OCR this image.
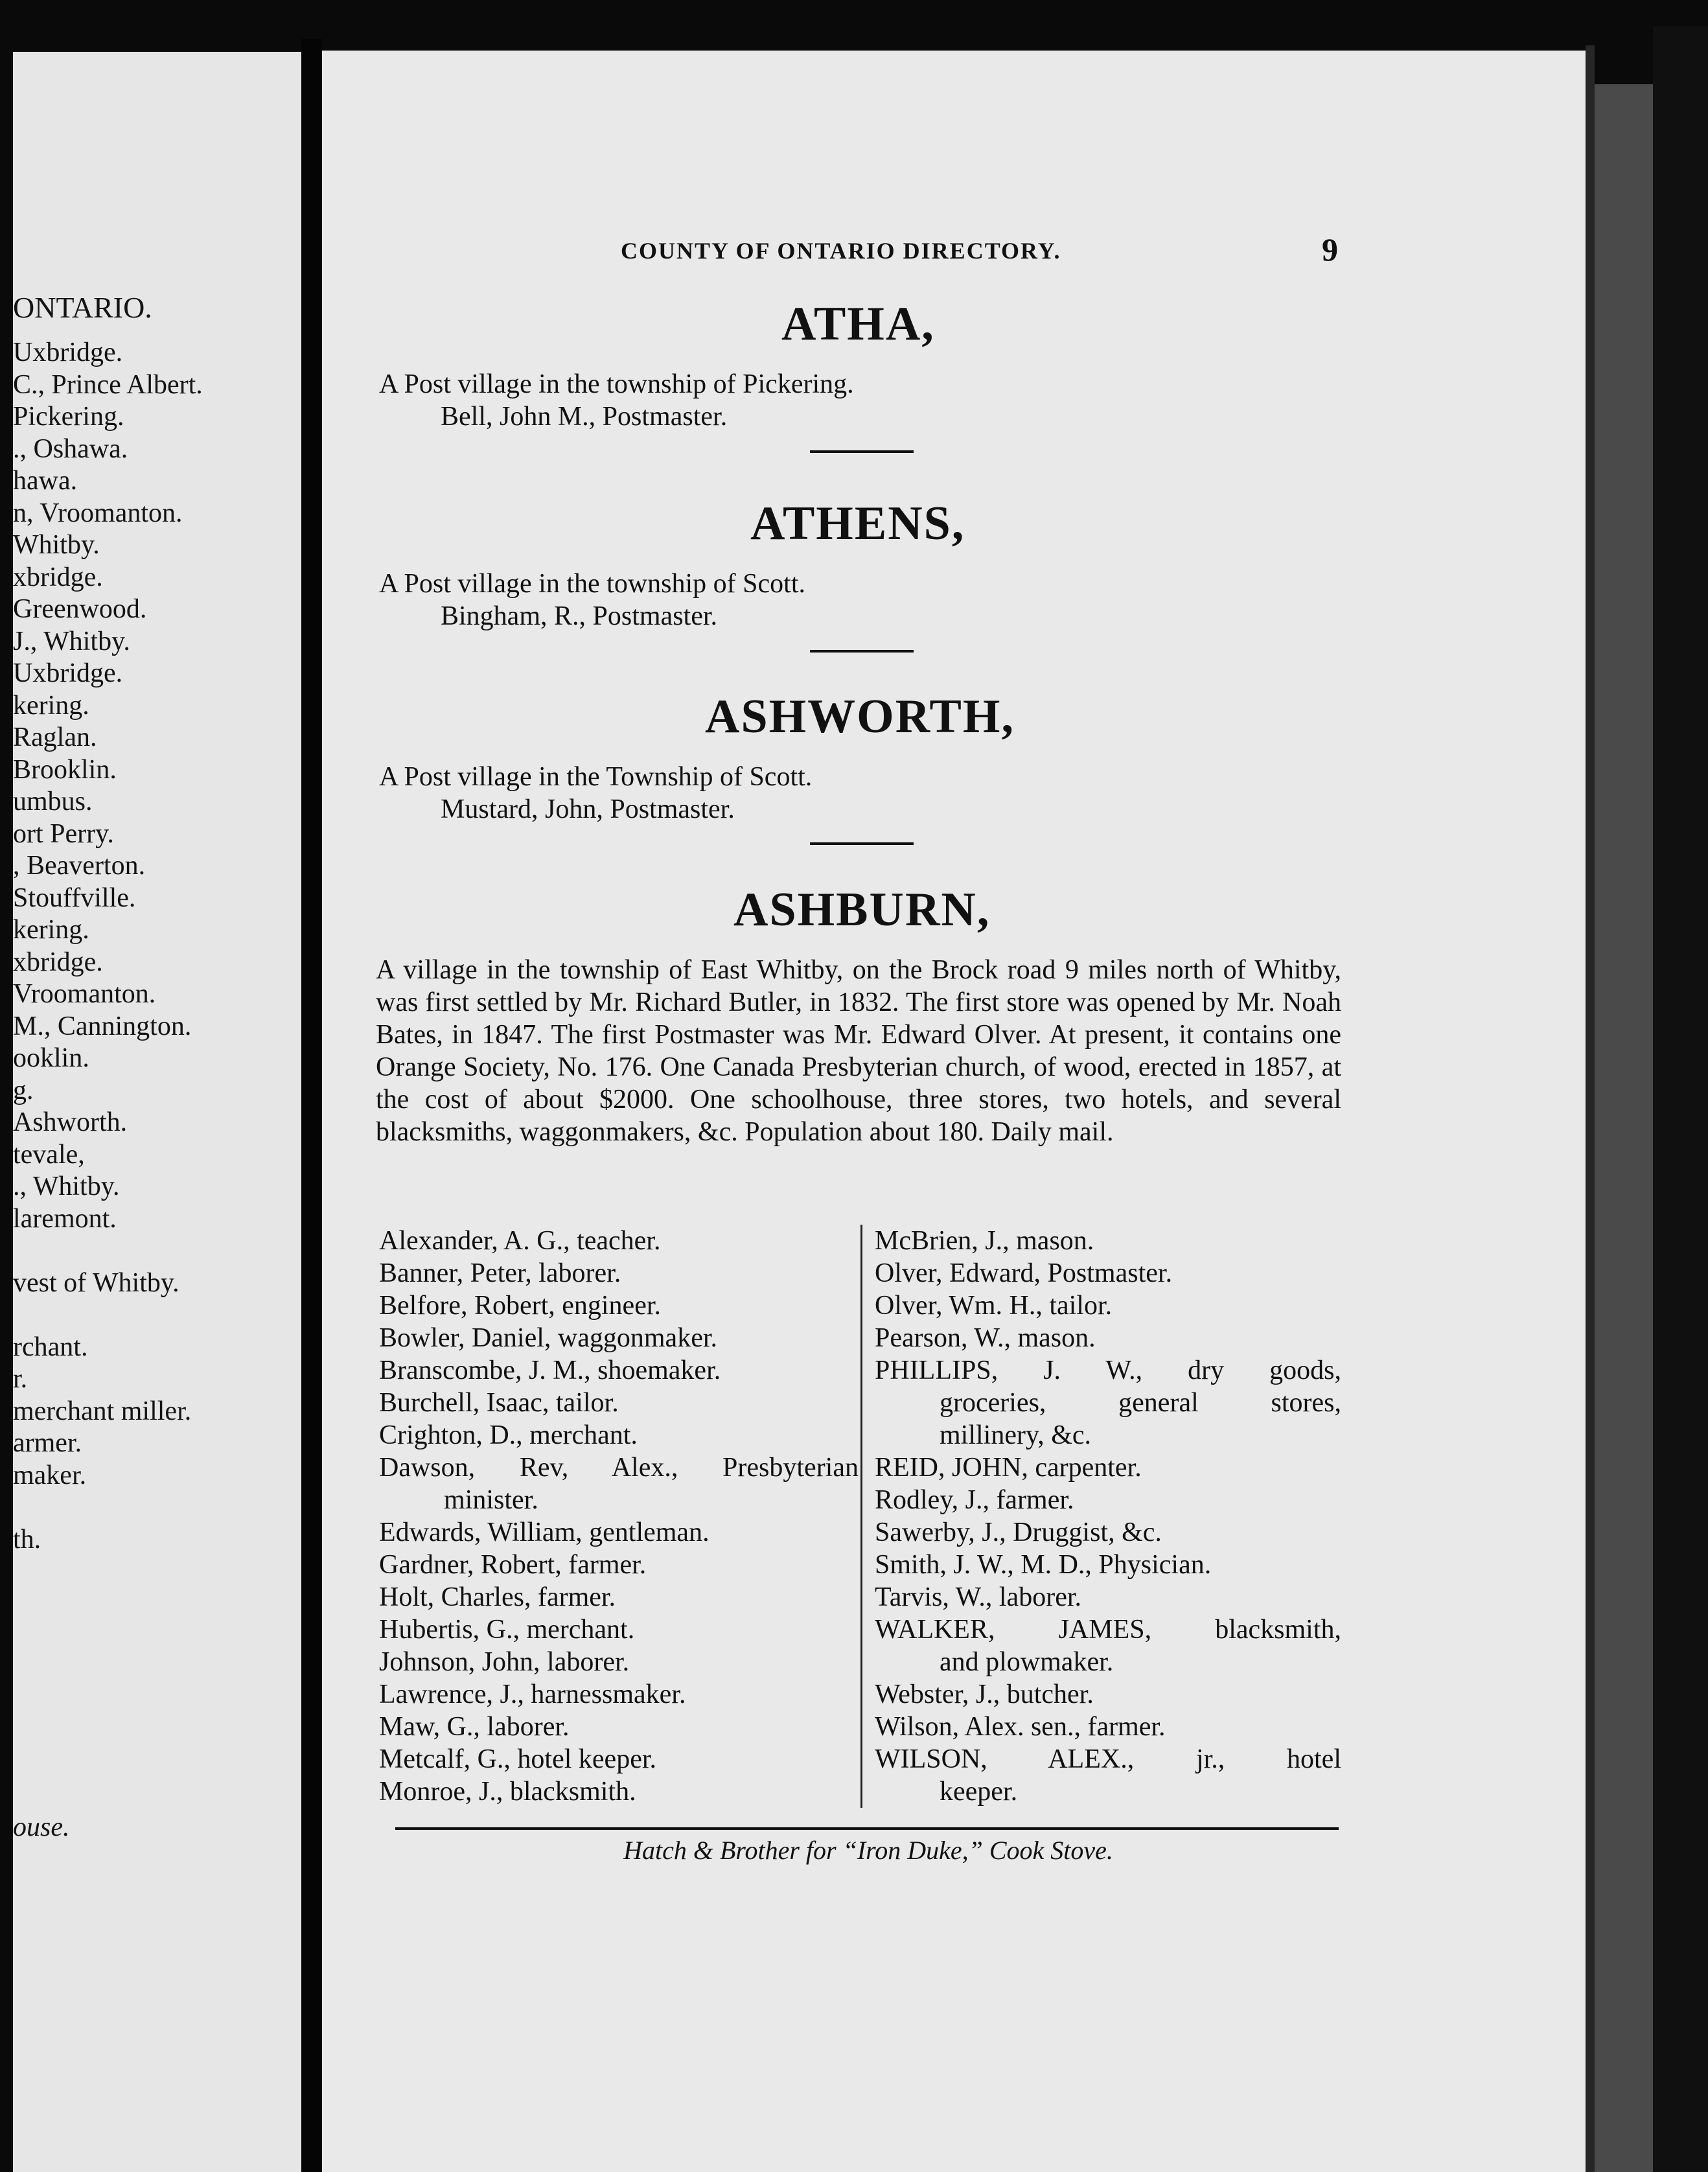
ONTARIO.
Uxbridge.
C., Prince Albert.
Pickering.
., Oshawa.
hawa.
n, Vroomanton.
Whitby.
xbridge.
Greenwood.
J., Whitby.
Uxbridge.
kering.
Raglan.
Brooklin.
umbus.
ort Perry.
, Beaverton.
Stouffville.
kering.
xbridge.
Vroomanton.
M., Cannington.
ooklin.
g.
Ashworth.
tevale,
., Whitby.
laremont.
vest of Whitby.
rchant.
r.
merchant miller.
armer.
maker.
th.
ouse.
COUNTY OF ONTARIO DIRECTORY.	9
ATHA,
A Post village in the township of Pickering.
Bell, John M., Postmaster.
ATHENS,
A Post village in the township of Scott.
Bingham, R., Postmaster.
ASHWORTH,
A Post village in the Township of Scott.
Mustard, John, Postmaster.
ASHBURN,
A village in the township of East Whitby, on the Brock road 9 miles north of Whitby, was first settled by Mr. Richard Butler, in 1832. The first store was opened by Mr. Noah Bates, in 1847. The first Postmaster was Mr. Edward Olver. At present, it contains one Orange Society, No. 176. One Canada Presbyterian church, of wood, erected in 1857, at the cost of about $2000. One schoolhouse, three stores, two hotels, and several blacksmiths, waggonmakers, &c. Population about 180. Daily mail.
Alexander, A. G., teacher.
Banner, Peter, laborer.
Belfore, Robert, engineer.
Bowler, Daniel, waggonmaker.
Branscombe, J. M., shoemaker.
Burchell, Isaac, tailor.
Crighton, D., merchant.
Dawson, Rev, Alex., Presbyterian
minister.
Edwards, William, gentleman.
Gardner, Robert, farmer.
Holt, Charles, farmer.
Hubertis, G., merchant.
Johnson, John, laborer.
Lawrence, J., harnessmaker.
Maw, G., laborer.
Metcalf, G., hotel keeper.
Monroe, J., blacksmith.
McBrien, J., mason.
Olver, Edward, Postmaster.
Olver, Wm. H., tailor.
Pearson, W., mason.
PHILLIPS, J. W., dry goods,
groceries, general stores,
millinery, &c.
REID, JOHN, carpenter.
Rodley, J., farmer.
Sawerby, J., Druggist, &c.
Smith, J. W., M. D., Physician.
Tarvis, W., laborer.
WALKER, JAMES, blacksmith,
and plowmaker.
Webster, J., butcher.
Wilson, Alex. sen., farmer.
WILSON, ALEX., jr., hotel
keeper.
Hatch & Brother for “Iron Duke,” Cook Stove.
